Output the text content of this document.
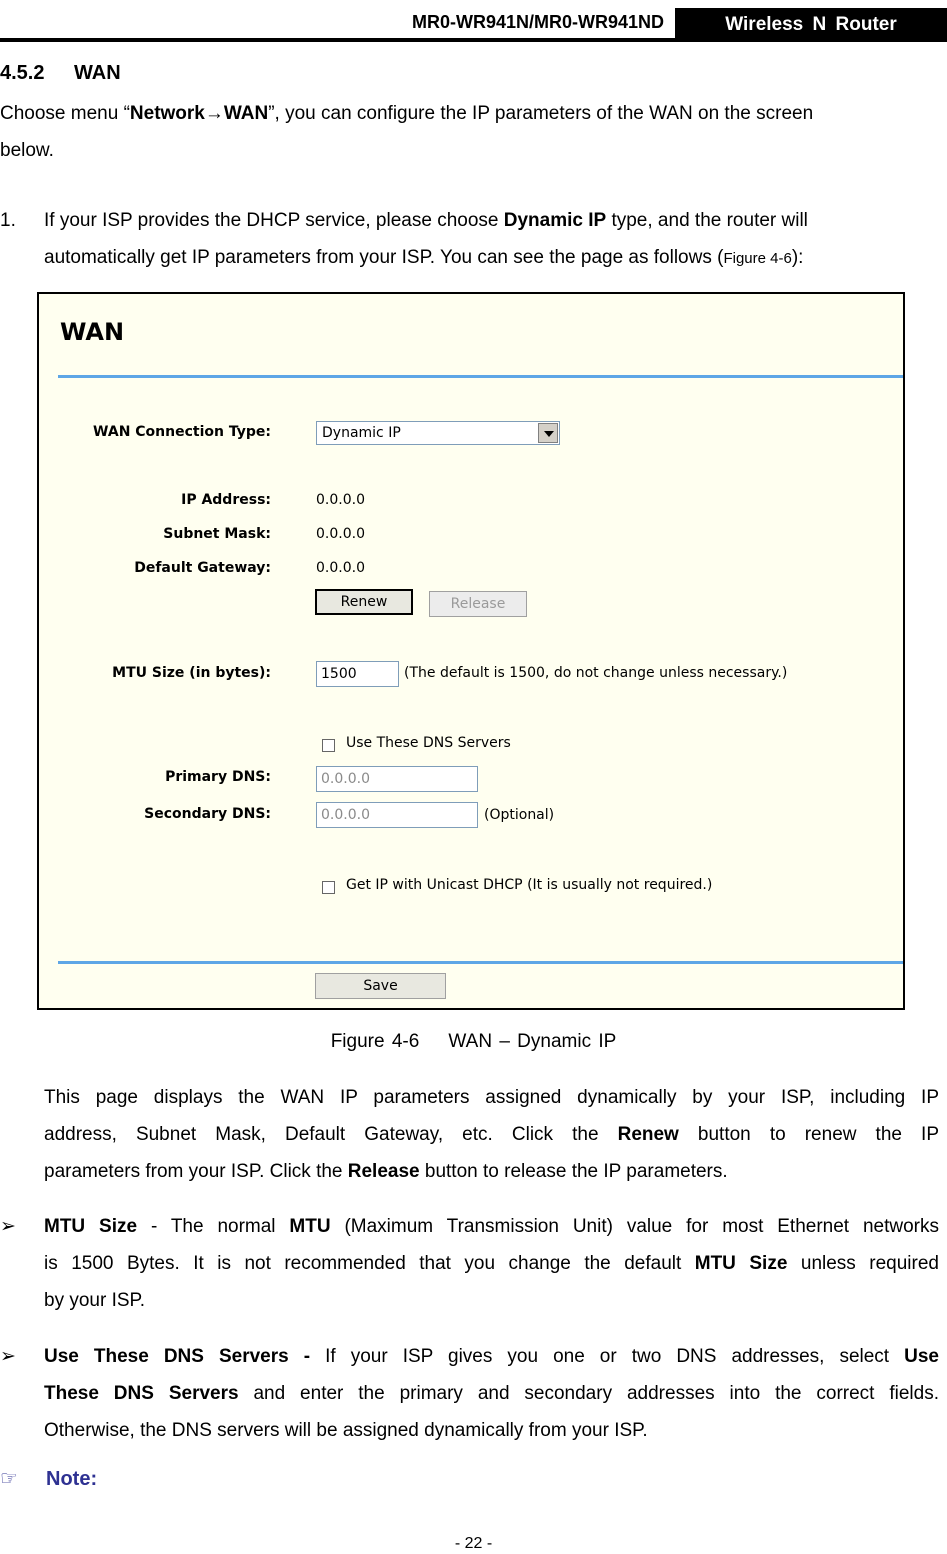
MR0-WR941N/MR0-WR941ND	Wireless N Router
4.5.2 WAN
Choose menu “Network→WAN”, you can configure the IP parameters of the WAN on the screen
below.
1. If your ISP provides the DHCP service, please choose Dynamic IP type, and the router will
automatically get IP parameters from your ISP. You can see the page as follows (Figure 4-6):
WAN
WAN Connection Type:	Dynamic IP
IP Address:	0.0.0.0
Subnet Mask:	0.0.0.0
Default Gateway:	0.0.0.0
Renew	Release
MTU Size (in bytes):	1500	(The default is 1500, do not change unless necessary.)
Use These DNS Servers
Primary DNS:	0.0.0.0
Secondary DNS:	0.0.0.0	(Optional)
Get IP with Unicast DHCP (It is usually not required.)
Save
Figure 4-6    WAN – Dynamic IP
This page displays the WAN IP parameters assigned dynamically by your ISP, including IP
address, Subnet Mask, Default Gateway, etc. Click the Renew button to renew the IP
parameters from your ISP. Click the Release button to release the IP parameters.
➢ MTU Size - The normal MTU (Maximum Transmission Unit) value for most Ethernet networks
is 1500 Bytes. It is not recommended that you change the default MTU Size unless required
by your ISP.
➢ Use These DNS Servers - If your ISP gives you one or two DNS addresses, select Use
These DNS Servers and enter the primary and secondary addresses into the correct fields.
Otherwise, the DNS servers will be assigned dynamically from your ISP.
☞ Note:
- 22 -
